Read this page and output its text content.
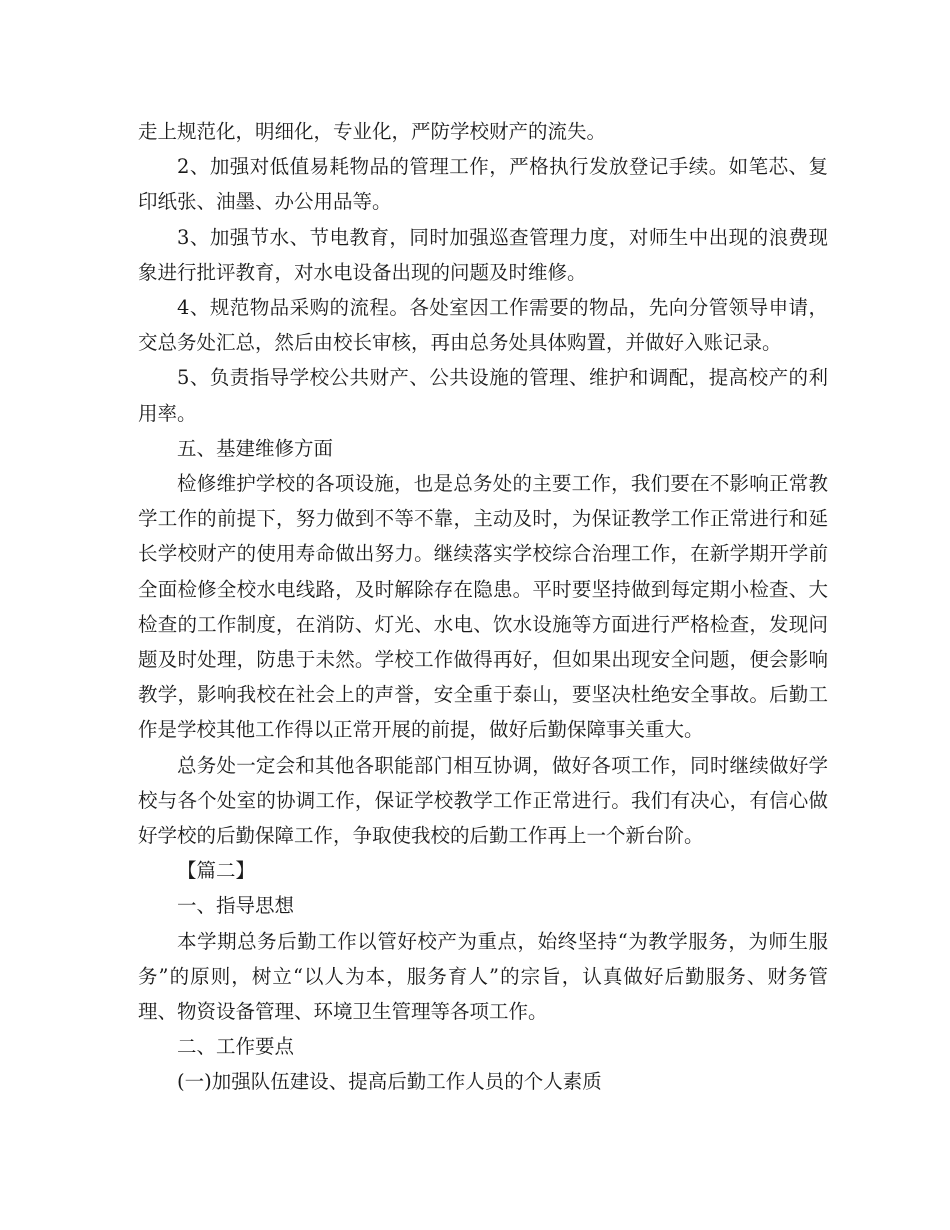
走上规范化，明细化，专业化，严防学校财产的流失。

2、加强对低值易耗物品的管理工作，严格执行发放登记手续。如笔芯、复印纸张、油墨、办公用品等。

3、加强节水、节电教育，同时加强巡查管理力度，对师生中出现的浪费现象进行批评教育，对水电设备出现的问题及时维修。

4、规范物品采购的流程。各处室因工作需要的物品，先向分管领导申请，交总务处汇总，然后由校长审核，再由总务处具体购置，并做好入账记录。

5、负责指导学校公共财产、公共设施的管理、维护和调配，提高校产的利用率。

五、基建维修方面

检修维护学校的各项设施，也是总务处的主要工作，我们要在不影响正常教学工作的前提下，努力做到不等不靠，主动及时，为保证教学工作正常进行和延长学校财产的使用寿命做出努力。继续落实学校综合治理工作，在新学期开学前全面检修全校水电线路，及时解除存在隐患。平时要坚持做到每定期小检查、大检查的工作制度，在消防、灯光、水电、饮水设施等方面进行严格检查，发现问题及时处理，防患于未然。学校工作做得再好，但如果出现安全问题，便会影响教学，影响我校在社会上的声誉，安全重于泰山，要坚决杜绝安全事故。后勤工作是学校其他工作得以正常开展的前提，做好后勤保障事关重大。

总务处一定会和其他各职能部门相互协调，做好各项工作，同时继续做好学校与各个处室的协调工作，保证学校教学工作正常进行。我们有决心，有信心做好学校的后勤保障工作，争取使我校的后勤工作再上一个新台阶。

【篇二】

一、指导思想

本学期总务后勤工作以管好校产为重点，始终坚持“为教学服务，为师生服务”的原则，树立“以人为本，服务育人”的宗旨，认真做好后勤服务、财务管理、物资设备管理、环境卫生管理等各项工作。

二、工作要点

(一)加强队伍建设、提高后勤工作人员的个人素质
